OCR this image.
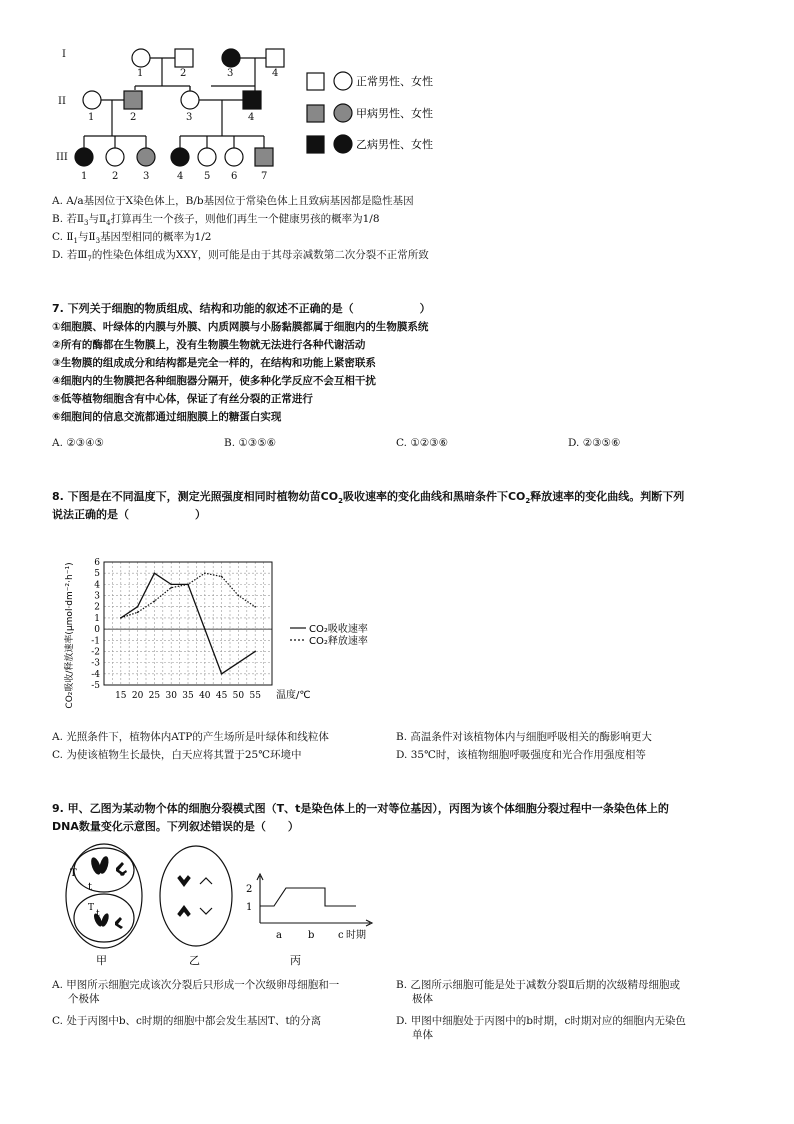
I
II
III
1	2	3	4
1	2	3	4
1 2 3	4 5 6 7
正常男性、女性
甲病男性、女性
乙病男性、女性
A. A/a基因位于X染色体上，B/b基因位于常染色体上且致病基因都是隐性基因
B. 若$Ⅱ_3$与$Ⅱ_4$打算再生一个孩子，则他们再生一个健康男孩的概率为1/8
C. $Ⅱ_1$与$Ⅱ_3$基因型相同的概率为1/2
D. 若$Ⅲ_7$的性染色体组成为XXY，则可能是由于其母亲减数第二次分裂不正常所致
7. 下列关于细胞的物质组成、结构和功能的叙述不正确的是（　　　　　　）
①细胞膜、叶绿体的内膜与外膜、内质网膜与小肠黏膜都属于细胞内的生物膜系统
②所有的酶都在生物膜上，没有生物膜生物就无法进行各种代谢活动
③生物膜的组成成分和结构都是完全一样的，在结构和功能上紧密联系
④细胞内的生物膜把各种细胞器分隔开，使多种化学反应不会互相干扰
⑤低等植物细胞含有中心体，保证了有丝分裂的正常进行
⑥细胞间的信息交流都通过细胞膜上的糖蛋白实现
A. ②③④⑤	B. ①③⑤⑥	C. ①②③⑥	D. ②③⑤⑥
8. 下图是在不同温度下，测定光照强度相同时植物幼苗$CO_2$吸收速率的变化曲线和黑暗条件下$CO_2$释放速率的变化曲线。判断下列
说法正确的是（　　　　　　）
6
5
4
3
2
1
0
-1
-2
-3
-4
-5
15 20 25 30 35 40 45 50 55 温度/℃
CO₂吸收/释放速率(μmol·dm⁻²·h⁻¹)	CO₂吸收速率
CO₂释放速率
A. 光照条件下，植物体内ATP的产生场所是叶绿体和线粒体	B. 高温条件对该植物体内与细胞呼吸相关的酶影响更大
C. 为使该植物生长最快，白天应将其置于25℃环境中	D. 35℃时，该植物细胞呼吸强度和光合作用强度相等
9. 甲、乙图为某动物个体的细胞分裂模式图（T、t是染色体上的一对等位基因），丙图为该个体细胞分裂过程中一条染色体上的
DNA数量变化示意图。下列叙述错误的是（　　）
T
t
T
t
甲	乙
2
1
a	b c 时期
丙
A. 甲图所示细胞完成该次分裂后只形成一个次级卵母细胞和一
个极体
B. 乙图所示细胞可能是处于减数分裂Ⅱ后期的次级精母细胞或
极体
C. 处于丙图中b、c时期的细胞中都会发生基因T、t的分离	D. 甲图中细胞处于丙图中的b时期，c时期对应的细胞内无染色
单体
